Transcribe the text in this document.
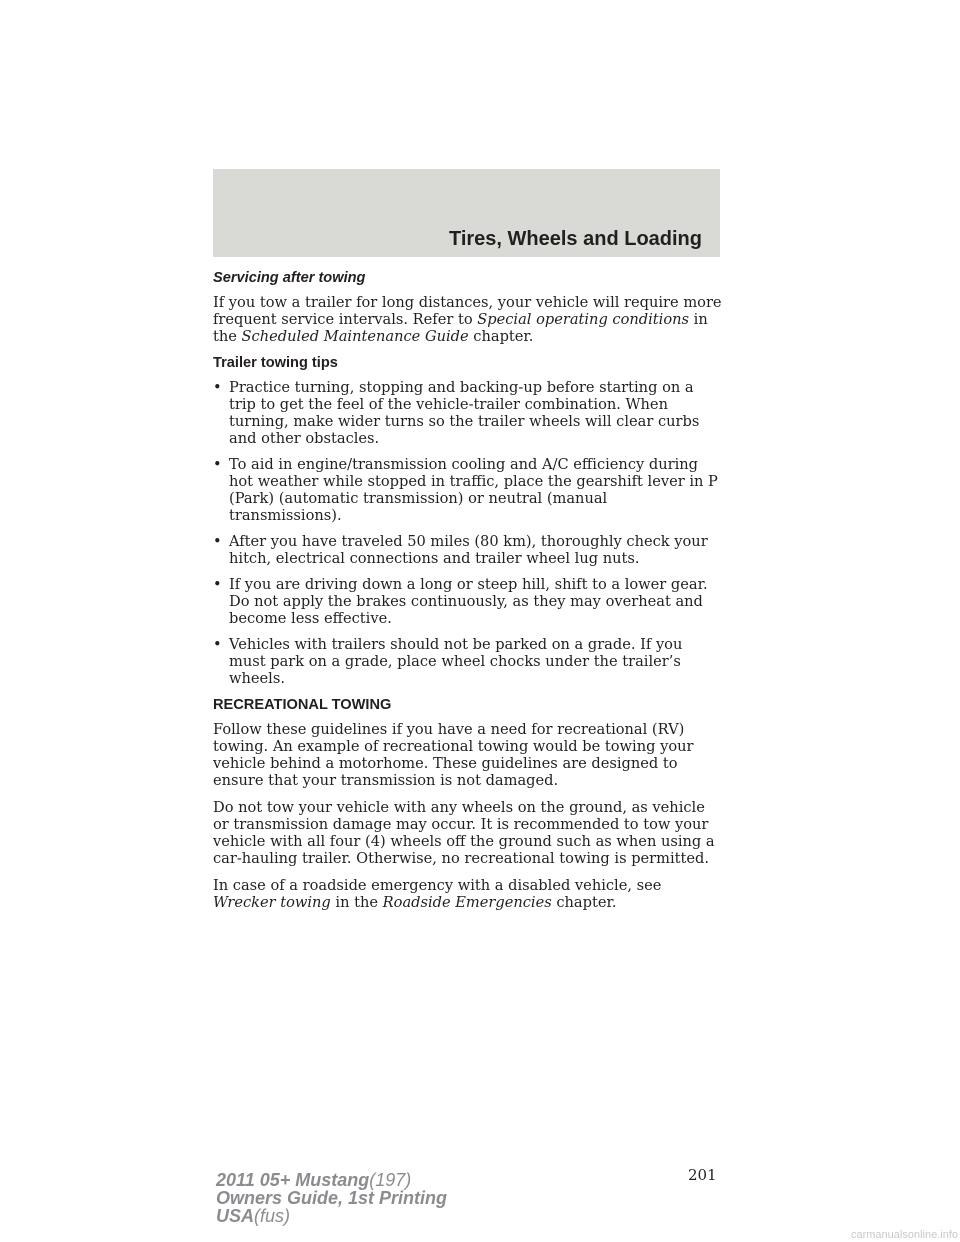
Tires, Wheels and Loading
Servicing after towing

If you tow a trailer for long distances, your vehicle will require more frequent service intervals. Refer to Special operating conditions in the Scheduled Maintenance Guide chapter.

Trailer towing tips
• Practice turning, stopping and backing-up before starting on a trip to get the feel of the vehicle-trailer combination. When turning, make wider turns so the trailer wheels will clear curbs and other obstacles.
• To aid in engine/transmission cooling and A/C efficiency during hot weather while stopped in traffic, place the gearshift lever in P (Park) (automatic transmission) or neutral (manual transmissions).
• After you have traveled 50 miles (80 km), thoroughly check your hitch, electrical connections and trailer wheel lug nuts.
• If you are driving down a long or steep hill, shift to a lower gear. Do not apply the brakes continuously, as they may overheat and become less effective.
• Vehicles with trailers should not be parked on a grade. If you must park on a grade, place wheel chocks under the trailer’s wheels.
RECREATIONAL TOWING

Follow these guidelines if you have a need for recreational (RV) towing. An example of recreational towing would be towing your vehicle behind a motorhome. These guidelines are designed to ensure that your transmission is not damaged.

Do not tow your vehicle with any wheels on the ground, as vehicle or transmission damage may occur. It is recommended to tow your vehicle with all four (4) wheels off the ground such as when using a car-hauling trailer. Otherwise, no recreational towing is permitted.

In case of a roadside emergency with a disabled vehicle, see Wrecker towing in the Roadside Emergencies chapter.

201
2011 05+ Mustang(197)
Owners Guide, 1st Printing
USA(fus)
carmanualsonline.info
